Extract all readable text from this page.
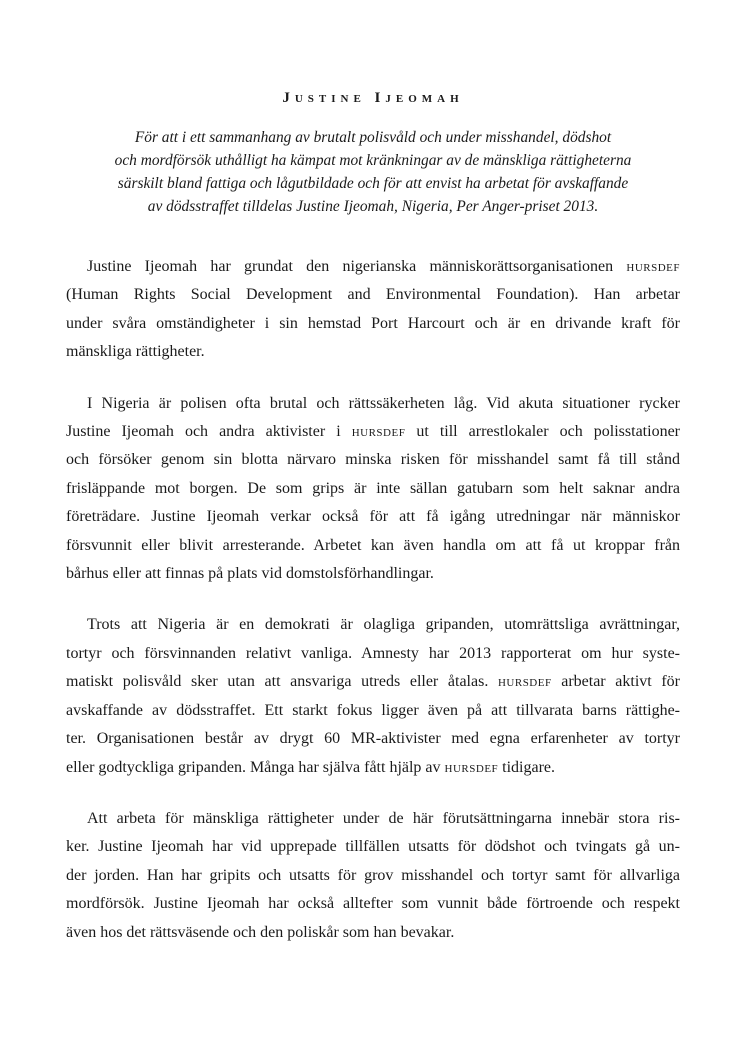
Justine Ijeomah
För att i ett sammanhang av brutalt polisvåld och under misshandel, dödshot
och mordförsök uthålligt ha kämpat mot kränkningar av de mänskliga rättigheterna
särskilt bland fattiga och lågutbildade och för att envist ha arbetat för avskaffande
av dödsstraffet tilldelas Justine Ijeomah, Nigeria, Per Anger-priset 2013.

Justine Ijeomah har grundat den nigerianska människorättsorganisationen hursdef
(Human Rights Social Development and Environmental Foundation). Han arbetar
under svåra omständigheter i sin hemstad Port Harcourt och är en drivande kraft för
mänskliga rättigheter.

I Nigeria är polisen ofta brutal och rättssäkerheten låg. Vid akuta situationer rycker
Justine Ijeomah och andra aktivister i hursdef ut till arrestlokaler och polisstationer
och försöker genom sin blotta närvaro minska risken för misshandel samt få till stånd
frisläppande mot borgen. De som grips är inte sällan gatubarn som helt saknar andra
företrädare. Justine Ijeomah verkar också för att få igång utredningar när människor
försvunnit eller blivit arresterande. Arbetet kan även handla om att få ut kroppar från
bårhus eller att finnas på plats vid domstolsförhandlingar.

Trots att Nigeria är en demokrati är olagliga gripanden, utomrättsliga avrättningar,
tortyr och försvinnanden relativt vanliga. Amnesty har 2013 rapporterat om hur syste-
matiskt polisvåld sker utan att ansvariga utreds eller åtalas. hursdef arbetar aktivt för
avskaffande av dödsstraffet. Ett starkt fokus ligger även på att tillvarata barns rättighe-
ter. Organisationen består av drygt 60 MR-aktivister med egna erfarenheter av tortyr
eller godtyckliga gripanden. Många har själva fått hjälp av hursdef tidigare.

Att arbeta för mänskliga rättigheter under de här förutsättningarna innebär stora ris-
ker. Justine Ijeomah har vid upprepade tillfällen utsatts för dödshot och tvingats gå un-
der jorden. Han har gripits och utsatts för grov misshandel och tortyr samt för allvarliga
mordförsök. Justine Ijeomah har också alltefter som vunnit både förtroende och respekt
även hos det rättsväsende och den poliskår som han bevakar.
